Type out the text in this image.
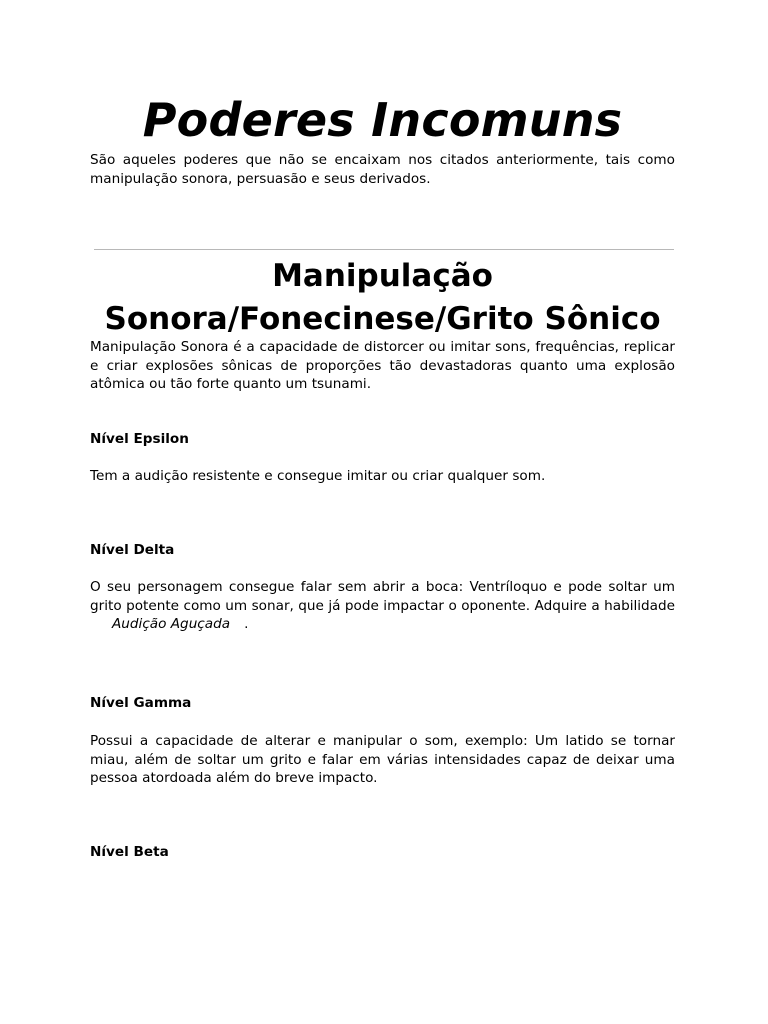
Poderes Incomuns

São aqueles poderes que não se encaixam nos citados anteriormente, tais como manipulação sonora, persuasão e seus derivados.

Manipulação
Sonora/Fonecinese/Grito Sônico

Manipulação Sonora é a capacidade de distorcer ou imitar sons, frequências, replicar e criar explosões sônicas de proporções tão devastadoras quanto uma explosão atômica ou tão forte quanto um tsunami.

Nível Epsilon

Tem a audição resistente e consegue imitar ou criar qualquer som.

Nível Delta

O seu personagem consegue falar sem abrir a boca: Ventríloquo e pode soltar um grito potente como um sonar, que já pode impactar o oponente. Adquire a habilidade Audição Aguçada .

Nível Gamma

Possui a capacidade de alterar e manipular o som, exemplo: Um latido se tornar miau, além de soltar um grito e falar em várias intensidades capaz de deixar uma pessoa atordoada além do breve impacto.

Nível Beta
